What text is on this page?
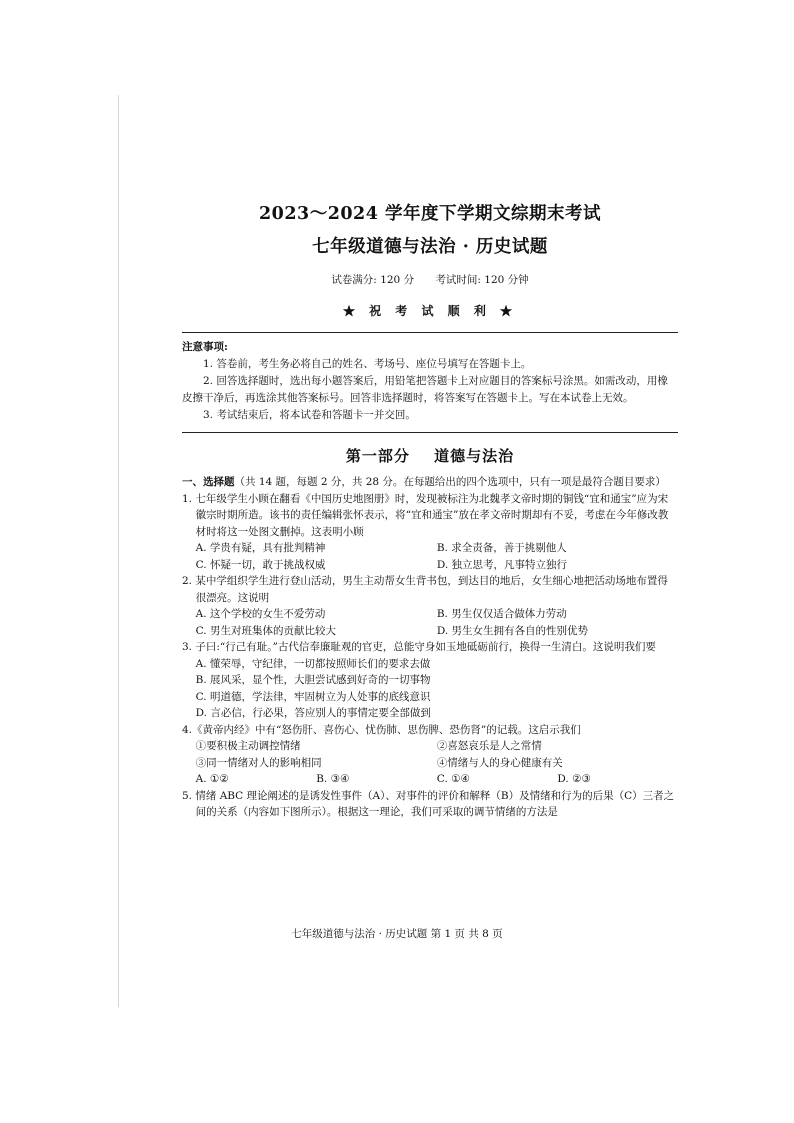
2023～2024 学年度下学期文综期末考试
七年级道德与法治 · 历史试题
试卷满分: 120 分 考试时间: 120 分钟
★ 祝 考 试 顺 利 ★
注意事项:
1. 答卷前，考生务必将自己的姓名、考场号、座位号填写在答题卡上。
2. 回答选择题时，选出每小题答案后，用铅笔把答题卡上对应题目的答案标号涂黑。如需改动，用橡皮擦干净后，再选涂其他答案标号。回答非选择题时，将答案写在答题卡上。写在本试卷上无效。
3. 考试结束后，将本试卷和答题卡一并交回。
第一部分 道德与法治
一、选择题（共 14 题，每题 2 分，共 28 分。在每题给出的四个选项中，只有一项是最符合题目要求）
1. 七年级学生小顾在翻看《中国历史地图册》时，发现被标注为北魏孝文帝时期的铜钱“宜和通宝”应为宋徽宗时期所造。该书的责任编辑张怀表示，将“宜和通宝”放在孝文帝时期却有不妥，考虑在今年修改教材时将这一处图文删掉。这表明小顾
A. 学贵有疑，具有批判精神	B. 求全责备，善于挑剔他人
C. 怀疑一切，敢于挑战权威	D. 独立思考，凡事特立独行
2. 某中学组织学生进行登山活动，男生主动帮女生背书包，到达目的地后，女生细心地把活动场地布置得很漂亮。这说明
A. 这个学校的女生不爱劳动	B. 男生仅仅适合做体力劳动
C. 男生对班集体的贡献比较大	D. 男生女生拥有各自的性别优势
3. 子曰:“行己有耻。”古代信奉廉耻观的官吏，总能守身如玉地砥砺前行，换得一生清白。这说明我们要
A. 懂荣辱，守纪律，一切都按照师长们的要求去做
B. 展风采，显个性，大胆尝试感到好奇的一切事物
C. 明道德，学法律，牢固树立为人处事的底线意识
D. 言必信，行必果，答应别人的事情定要全部做到
4.《黄帝内经》中有“怒伤肝、喜伤心、忧伤肺、思伤脾、恐伤肾”的记载。这启示我们
①要积极主动调控情绪	②喜怒哀乐是人之常情
③同一情绪对人的影响相同	④情绪与人的身心健康有关
A. ①②	B. ③④	C. ①④	D. ②③
5. 情绪 ABC 理论阐述的是诱发性事件（A）、对事件的评价和解释（B）及情绪和行为的后果（C）三者之间的关系（内容如下图所示）。根据这一理论，我们可采取的调节情绪的方法是
七年级道德与法治 · 历史试题 第 1 页 共 8 页
